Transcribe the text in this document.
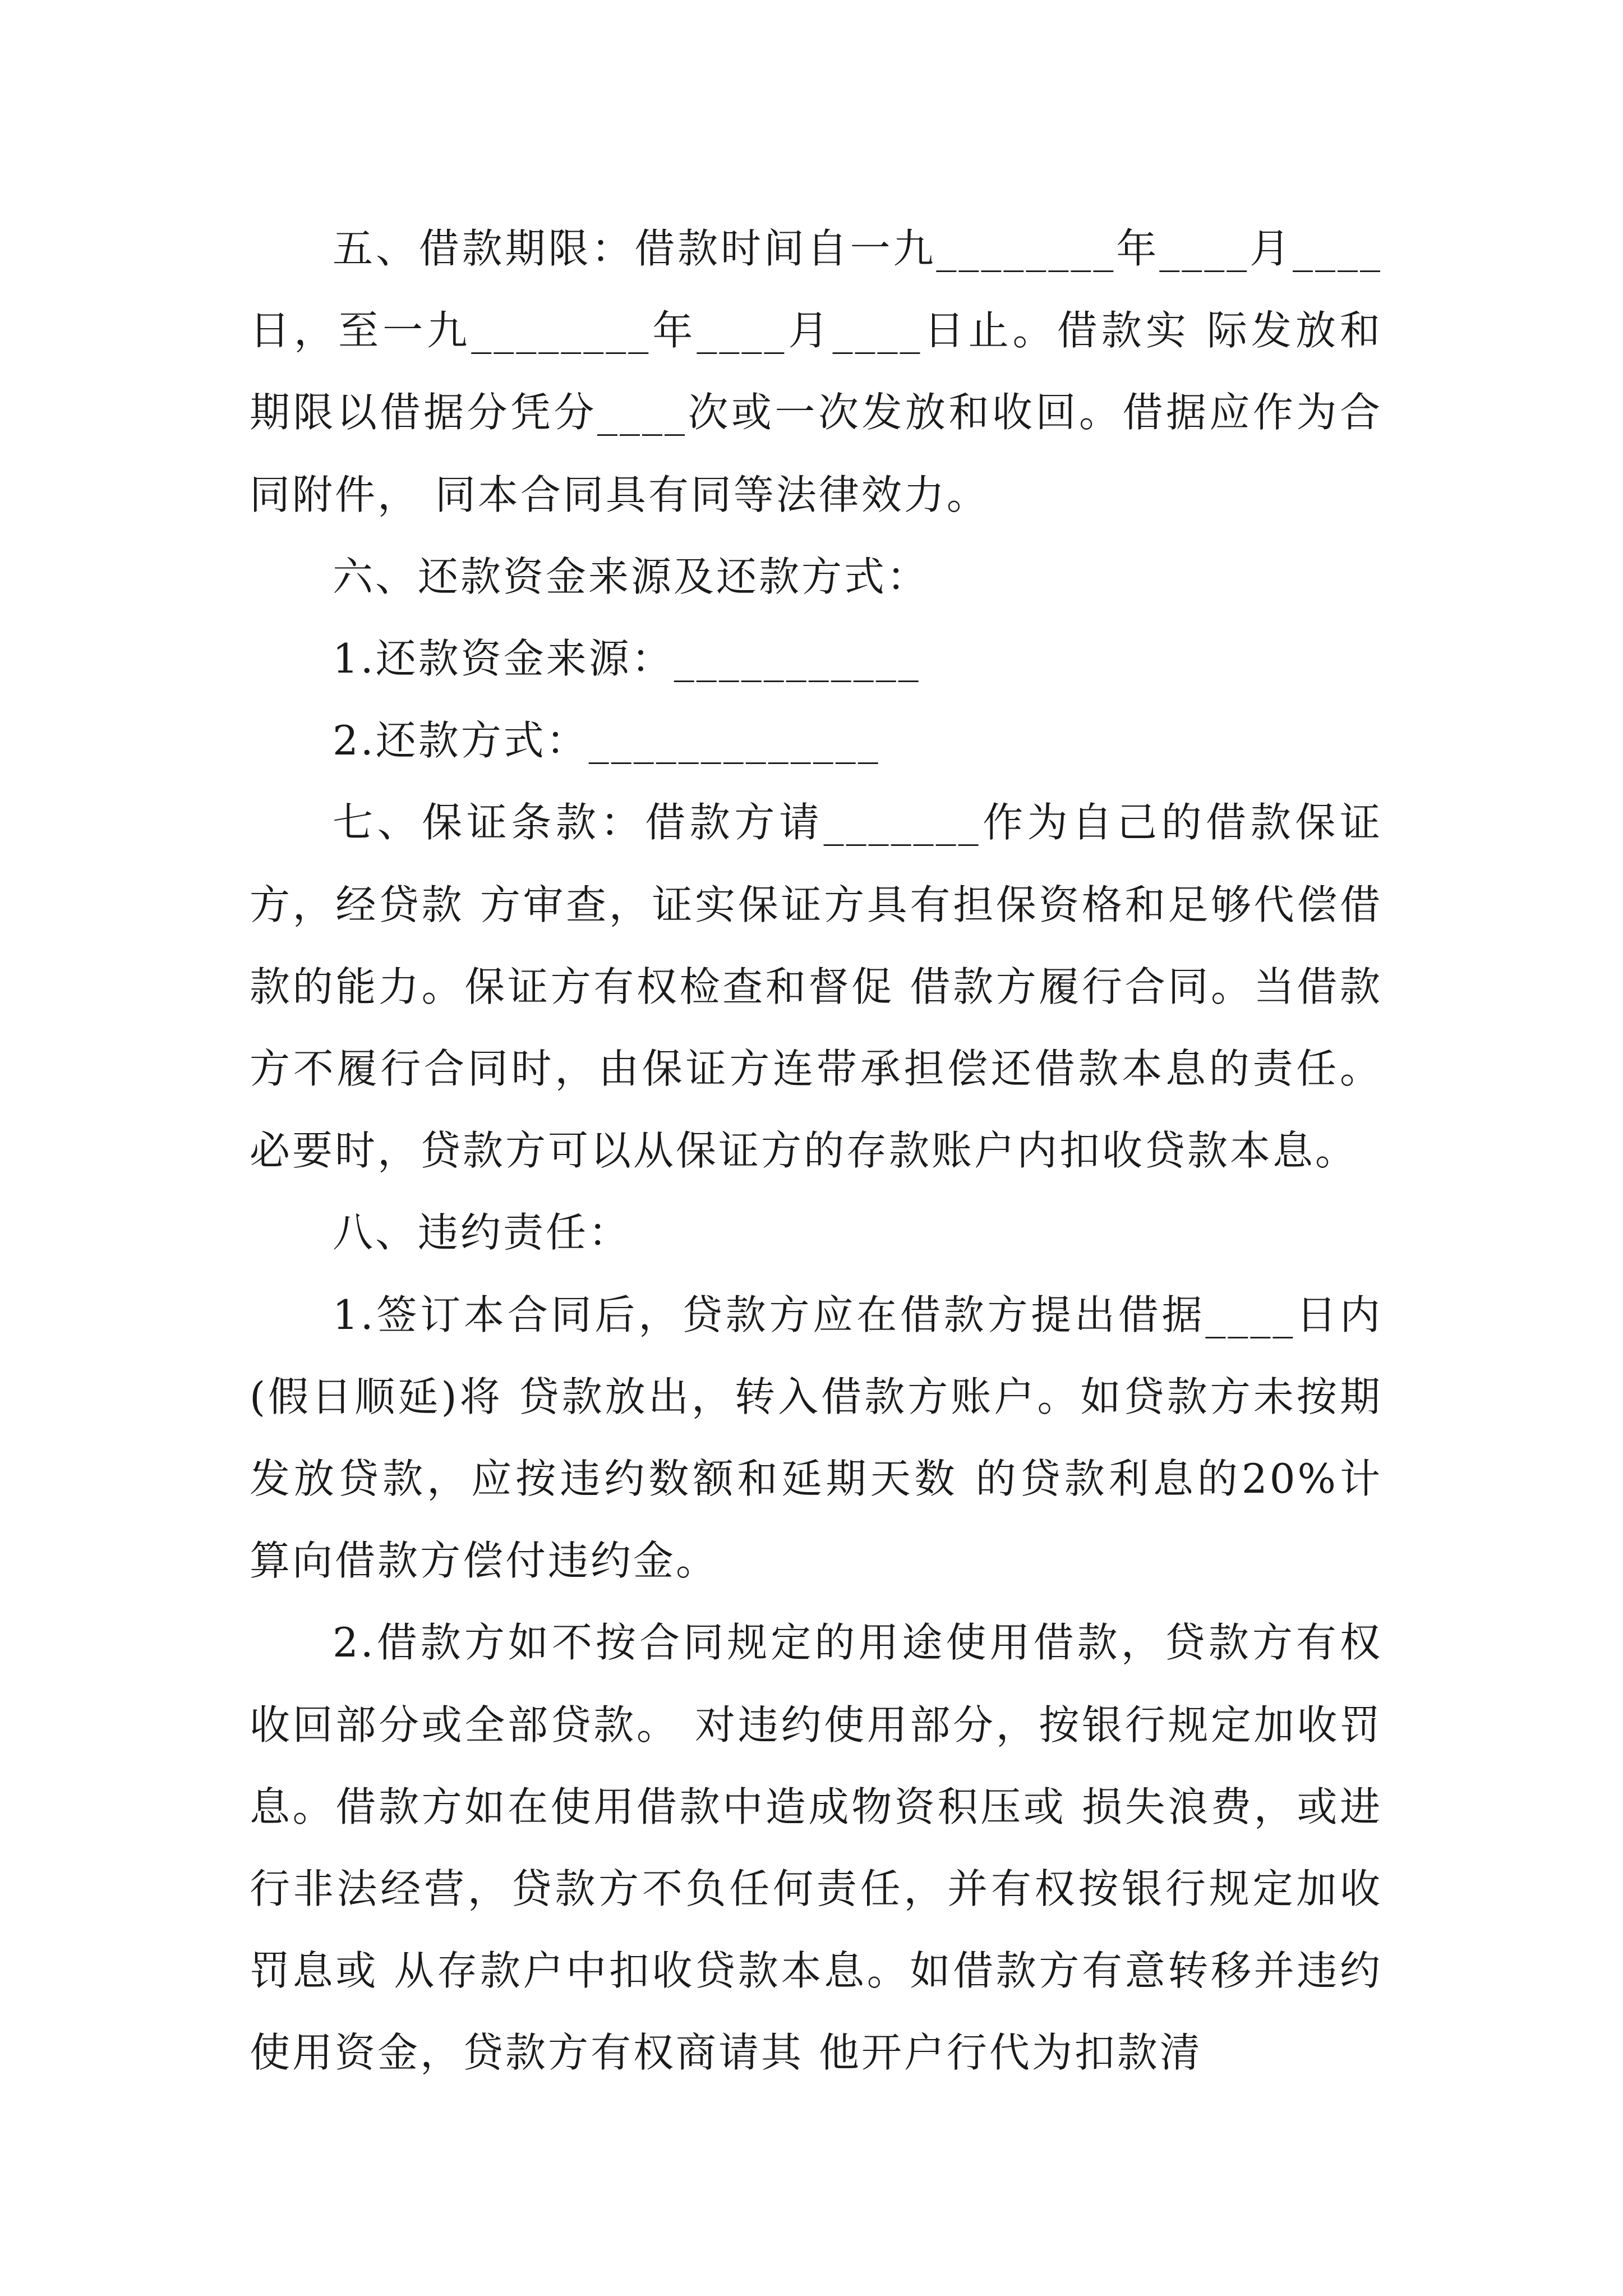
五、借款期限：借款时间自一九________年____月____日，至一九________年____月____日止。借款实 际发放和期限以借据分凭分____次或一次发放和收回。借据应作为合同附件， 同本合同具有同等法律效力。

六、还款资金来源及还款方式：

1.还款资金来源：___________

2.还款方式：_____________

七、保证条款：借款方请_______作为自己的借款保证方，经贷款 方审查，证实保证方具有担保资格和足够代偿借款的能力。保证方有权检查和督促 借款方履行合同。当借款方不履行合同时，由保证方连带承担偿还借款本息的责任。 必要时，贷款方可以从保证方的存款账户内扣收贷款本息。

八、违约责任：

1.签订本合同后，贷款方应在借款方提出借据____日内(假日顺延)将 贷款放出，转入借款方账户。如贷款方未按期发放贷款，应按违约数额和延期天数 的贷款利息的20%计算向借款方偿付违约金。

2.借款方如不按合同规定的用途使用借款，贷款方有权收回部分或全部贷款。 对违约使用部分，按银行规定加收罚息。借款方如在使用借款中造成物资积压或 损失浪费，或进行非法经营，贷款方不负任何责任，并有权按银行规定加收罚息或 从存款户中扣收贷款本息。如借款方有意转移并违约使用资金，贷款方有权商请其 他开户行代为扣款清
